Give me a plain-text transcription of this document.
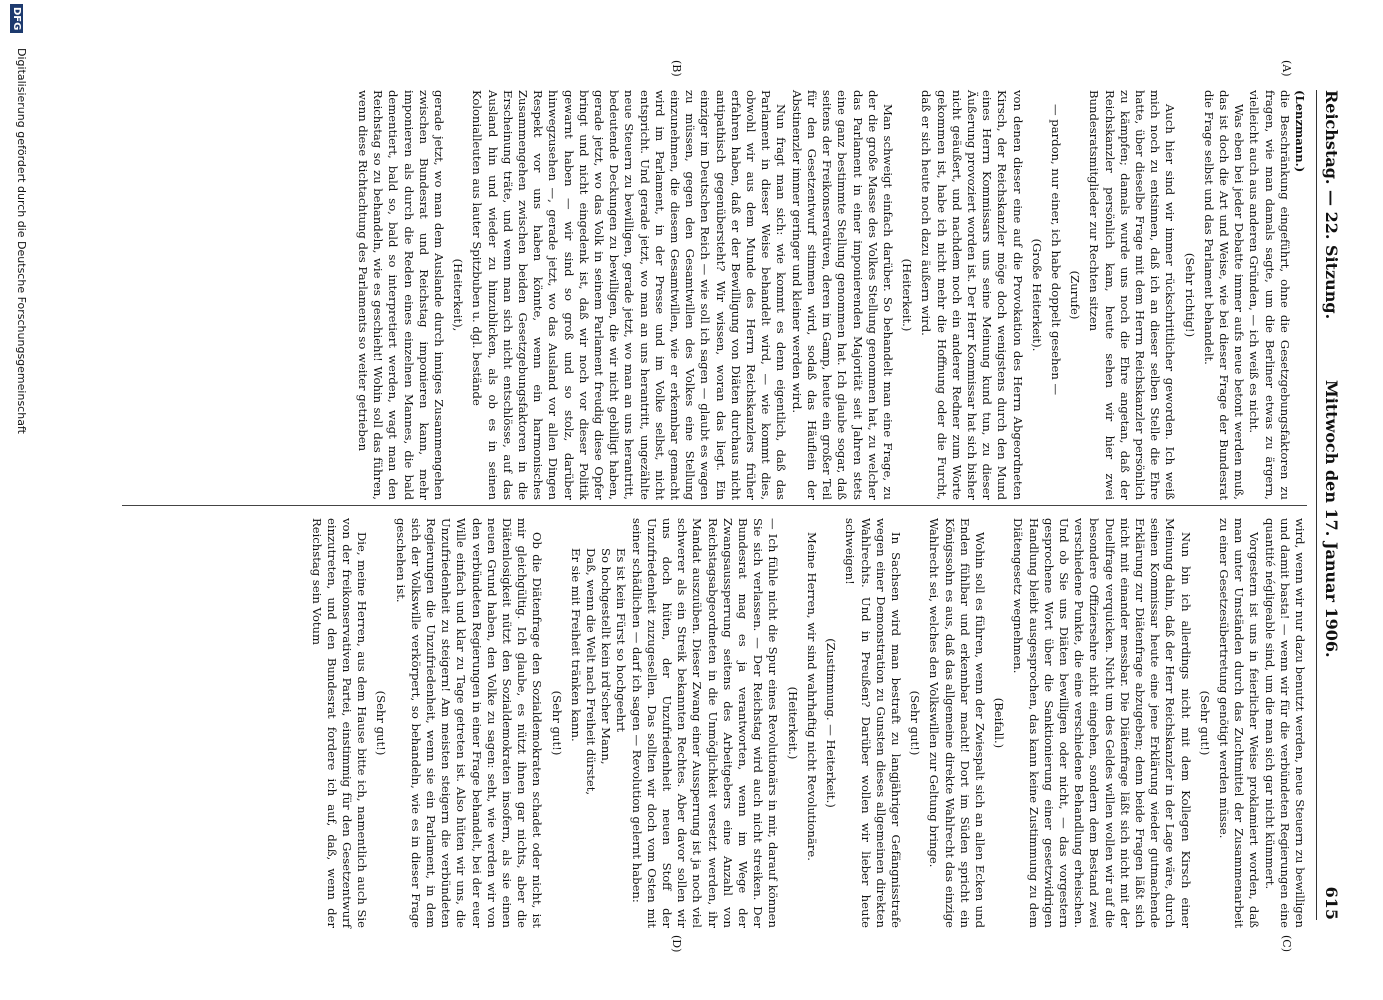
Reichstag. — 22. Sitzung.
Mittwoch den 17. Januar 1906.
615
(A)
(B)
(C)
(D)

(Lenzmann.)

die Beschränkung eingeführt, ohne die Gesetzgebungsfaktoren zu fragen, wie man damals sagte, um die Berliner etwas zu ärgern, vielleicht auch aus anderen Gründen, — ich weiß es nicht.

Was eben bei jeder Debatte immer aufs neue betont werden muß, das ist doch die Art und Weise, wie bei dieser Frage der Bundesrat die Frage selbst und das Parlament behandelt.

(Sehr richtig!)

Auch hier sind wir immer rückschrittlicher geworden. Ich weiß mich noch zu entsinnen, daß ich an dieser selben Stelle die Ehre hatte, über dieselbe Frage mit dem Herrn Reichskanzler persönlich zu kämpfen; damals wurde uns noch die Ehre angetan, daß der Reichskanzler persönlich kam, heute sehen wir hier zwei Bundesratsmitglieder zur Rechten sitzen

(Zurufe)

— pardon, nur einer, ich habe doppelt gesehen —

(Große Heiterkeit).

von denen dieser eine auf die Provokation des Herrn Abgeordneten Kirsch, der Reichskanzler möge doch wenigstens durch den Mund eines Herrn Kommissars uns seine Meinung kund tun, zu dieser Äußerung provoziert worden ist. Der Herr Kommissar hat sich bisher nicht geäußert, und nachdem noch ein anderer Redner zum Worte gekommen ist, habe ich nicht mehr die Hoffnung oder die Furcht, daß er sich heute noch dazu äußern wird.

(Heiterkeit.)

Man schweigt einfach darüber. So behandelt man eine Frage, zu der die große Masse des Volkes Stellung genommen hat, zu welcher das Parlament in einer imponierenden Majorität seit Jahren stets eine ganz bestimmte Stellung genommen hat. Ich glaube sogar, daß seitens der Freikonservativen, deren im Gamp, heute ein großer Teil für den Gesetzentwurf stimmen wird, sodaß das Häuflein der Abstinenzler immer geringer und kleiner werden wird.

Nun fragt man sich: wie kommt es denn eigentlich, daß das Parlament in dieser Weise behandelt wird, — wie kommt dies, obwohl wir aus dem Munde des Herrn Reichskanzlers früher erfahren haben, daß er der Bewilligung von Diäten durchaus nicht antipathisch gegenübersteht? Wir wissen, woran das liegt. Ein einziger im Deutschen Reich — wie soll ich sagen — glaubt es wagen zu müssen, gegen den Gesamtwillen des Volkes eine Stellung einzunehmen, die diesem Gesamtwillen, wie er erkennbar gemacht wird im Parlament, in der Presse und im Volke selbst, nicht entspricht. Und gerade jetzt, wo man an uns herantritt, ungezählte neue Steuern zu bewilligen, gerade jetzt, wo man an uns herantritt, bedeutende Deckungen zu bewilligen, die wir nicht gebilligt haben, gerade jetzt, wo das Volk in seinem Parlament freudig diese Opfer bringt und nicht eingedenk ist, daß wir noch vor dieser Politik gewarnt haben — wir sind so groß und so stolz, darüber hinwegzusehen —, gerade jetzt, wo das Ausland vor allen Dingen Respekt vor uns haben könnte, wenn ein harmonisches Zusammengehen zwischen beiden Gesetzgebungsfaktoren in die Erscheinung träte, und wenn man sich nicht entschlösse, auf das Ausland hin und wieder zu hinzublicken, als ob es in seinen Kolonialleuten aus lauter Spitzbuben u. dgl. bestände

(Heiterkeit),

gerade jetzt, wo man dem Auslande durch inniges Zusammengehen zwischen Bundesrat und Reichstag imponieren kann, mehr imponieren als durch die Reden eines einzelnen Mannes, die bald dementiert, bald so, bald so interpretiert werden, wagt man den Reichstag so zu behandeln, wie es geschieht! Wohin soll das führen, wenn diese Richtachtung des Parlaments so weiter getrieben

wird, wenn wir nur dazu benutzt werden, neue Steuern zu bewilligen und damit basta! — wenn wir für die verbündeten Regierungen eine quantité négligeable sind, um die man sich gar nicht kümmert.

Vorgestern ist uns in feierlicher Weise proklamiert worden, daß man unter Umständen durch das Zuchtmittel der Zusammenarbeit zu einer Gesetzesübertretung genötigt werden müsse.

(Sehr gut!)

Nun bin ich allerdings nicht mit dem Kollegen Kirsch einer Meinung dahin, daß der Herr Reichskanzler in der Lage wäre, durch seinen Kommissar heute eine jene Erklärung wieder gutmachende Erklärung zur Diätenfrage abzugeben; denn beide Fragen läßt sich nicht mit einander messbar. Die Diätenfrage läßt sich nicht mit der Duellfrage verquicken. Nicht um des Geldes willen wollen wir auf die besondere Offiziersehre nicht eingehen, sondern dem Bestand zwei verschiedene Punkte, die eine verschiedene Behandlung erheischen. Und ob Sie uns Diäten bewilligen oder nicht, — das vorgestern gesprochene Wort über die Sanktionierung einer gesetzwidrigen Handlung bleibt ausgesprochen, das kann keine Zustimmung zu dem Diätengesetz wegnehmen.

(Beifall.)

Wohin soll es führen, wenn der Zwiespalt sich an allen Ecken und Enden fühlbar und erkennbar macht! Dort im Süden spricht ein Königssohn es aus, daß das allgemeine direkte Wahlrecht das einzige Wahlrecht sei, welches den Volkswillen zur Geltung bringe.

(Sehr gut!)

In Sachsen wird man bestraft zu langjähriger Gefängnisstrafe wegen einer Demonstration zu Gunsten dieses allgemeinen direkten Wahlrechts. Und in Preußen? Darüber wollen wir lieber heute schweigen!

(Zustimmung. — Heiterkeit.)

Meine Herren, wir sind wahrhaftig nicht Revolutionäre.

(Heiterkeit.)

— Ich fühle nicht die Spur eines Revolutionärs in mir, darauf können Sie sich verlassen. — Der Reichstag wird auch nicht streiken. Der Bundesrat mag es ja verantworten, wenn im Wege der Zwangsaussperrung seitens des Arbeitgebers eine Anzahl von Reichstagsabgeordneten in die Unmöglichkeit versetzt werden, ihr Mandat auszuüben. Dieser Zwang einer Aussperrung ist ja noch viel schwerer als ein Streik bekannten Rechtes. Aber davor sollen wir uns doch hüten, der Unzufriedenheit neuen Stoff der Unzufriedenheit zuzugesellen. Das sollten wir doch vom Osten mit seiner schädlichen — darf ich sagen — Revolution gelernt haben:

Es ist kein Fürst so hochgeehrt

So hochgestellt kein ird'scher Mann,

Daß, wenn die Welt nach Freiheit dürstet,

Er sie mit Freiheit tränken kann.

(Sehr gut!)

Ob die Diätenfrage den Sozialdemokraten schadet oder nicht, ist mir gleichgültig. Ich glaube, es nützt ihnen gar nichts, aber die Diätenlosigkeit nützt den Sozialdemokraten insofern, als sie einen neuen Grund haben, den Volke zu sagen: seht, wie werden wir von den verbündeten Regierungen in einer Frage behandelt, bei der euer Wille einfach und klar zu Tage getreten ist. Also hüten wir uns, die Unzufriedenheit zu steigern! Am meisten steigern die verbündeten Regierungen die Unzufriedenheit, wenn sie ein Parlament, in dem sich der Volkswille verkörpert, so behandeln, wie es in dieser Frage geschehen ist.

(Sehr gut!)

Die, meine Herren, aus dem Hause bitte ich, namentlich auch Sie von der freikonservativen Partei, einstimmig für den Gesetzentwurf einzutreten, und den Bundesrat fordere ich auf, daß, wenn der Reichstag sein Votum

DFG
Digitalisierung gefördert durch die Deutsche Forschungsgemeinschaft
